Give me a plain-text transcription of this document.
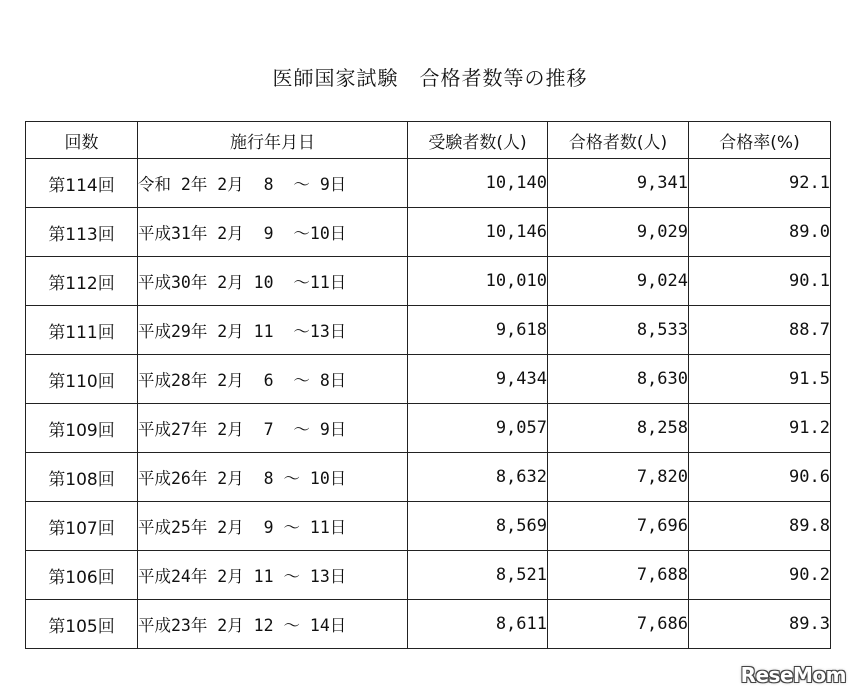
医師国家試験　合格者数等の推移
回数	施行年月日	受験者数(人)	合格者数(人)	合格率(%)
第114回	令和 2年 2月  8  ～ 9日	10,140	9,341	92.1
第113回	平成31年 2月  9  ～10日	10,146	9,029	89.0
第112回	平成30年 2月 10  ～11日	10,010	9,024	90.1
第111回	平成29年 2月 11  ～13日	9,618	8,533	88.7
第110回	平成28年 2月  6  ～ 8日	9,434	8,630	91.5
第109回	平成27年 2月  7  ～ 9日	9,057	8,258	91.2
第108回	平成26年 2月  8 ～ 10日	8,632	7,820	90.6
第107回	平成25年 2月  9 ～ 11日	8,569	7,696	89.8
第106回	平成24年 2月 11 ～ 13日	8,521	7,688	90.2
第105回	平成23年 2月 12 ～ 14日	8,611	7,686	89.3
ReseMom
